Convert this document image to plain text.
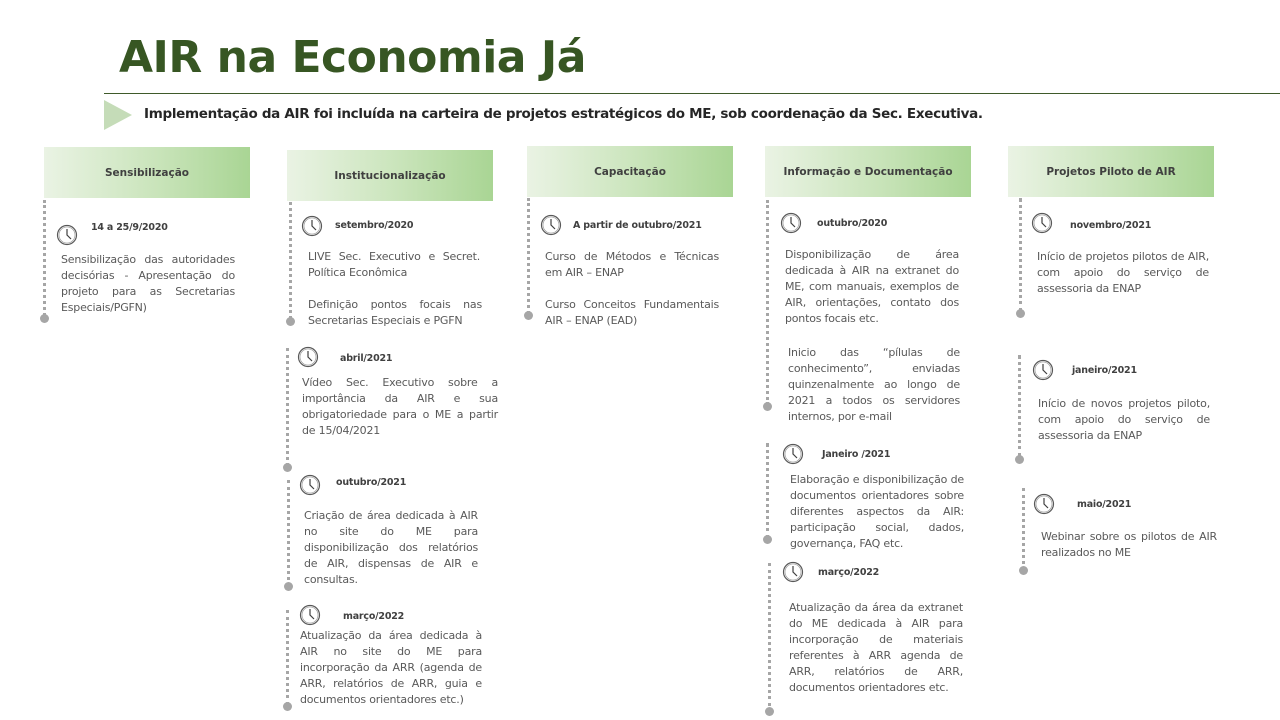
AIR na Economia Já
Implementação da AIR foi incluída na carteira de projetos estratégicos do ME, sob coordenação da Sec. Executiva.
Sensibilização	Institucionalização	Capacitação	Informação e Documentação	Projetos Piloto de AIR
14 a 25/9/2020
Sensibilização das autoridades decisórias - Apresentação do projeto para as Secretarias Especiais/PGFN)
setembro/2020
LIVE Sec. Executivo e Secret. Política Econômica
Definição pontos focais nas Secretarias Especiais e PGFN
abril/2021
Vídeo Sec. Executivo sobre a importância da AIR e sua obrigatoriedade para o ME a partir de 15/04/2021
outubro/2021
Criação de área dedicada à AIR no site do ME para disponibilização dos relatórios de AIR, dispensas de AIR e consultas.
março/2022
Atualização da área dedicada à AIR no site do ME para incorporação da ARR (agenda de ARR, relatórios de ARR, guia e documentos orientadores etc.)
A partir de outubro/2021
Curso de Métodos e Técnicas em AIR – ENAP
Curso Conceitos Fundamentais AIR – ENAP (EAD)
outubro/2020
Disponibilização de área dedicada à AIR na extranet do ME, com manuais, exemplos de AIR, orientações, contato dos pontos focais etc.
Inicio das “pílulas de conhecimento”, enviadas quinzenalmente ao longo de 2021 a todos os servidores internos, por e-mail
Janeiro /2021
Elaboração e disponibilização de documentos orientadores sobre diferentes aspectos da AIR: participação social, dados, governança, FAQ etc.
março/2022
Atualização da área da extranet do ME dedicada à AIR para incorporação de materiais referentes à ARR agenda de ARR, relatórios de ARR, documentos orientadores etc.
novembro/2021
Início de projetos pilotos de AIR, com apoio do serviço de assessoria da ENAP
janeiro/2021
Início de novos projetos piloto, com apoio do serviço de assessoria da ENAP
maio/2021
Webinar sobre os pilotos de AIR realizados no ME
